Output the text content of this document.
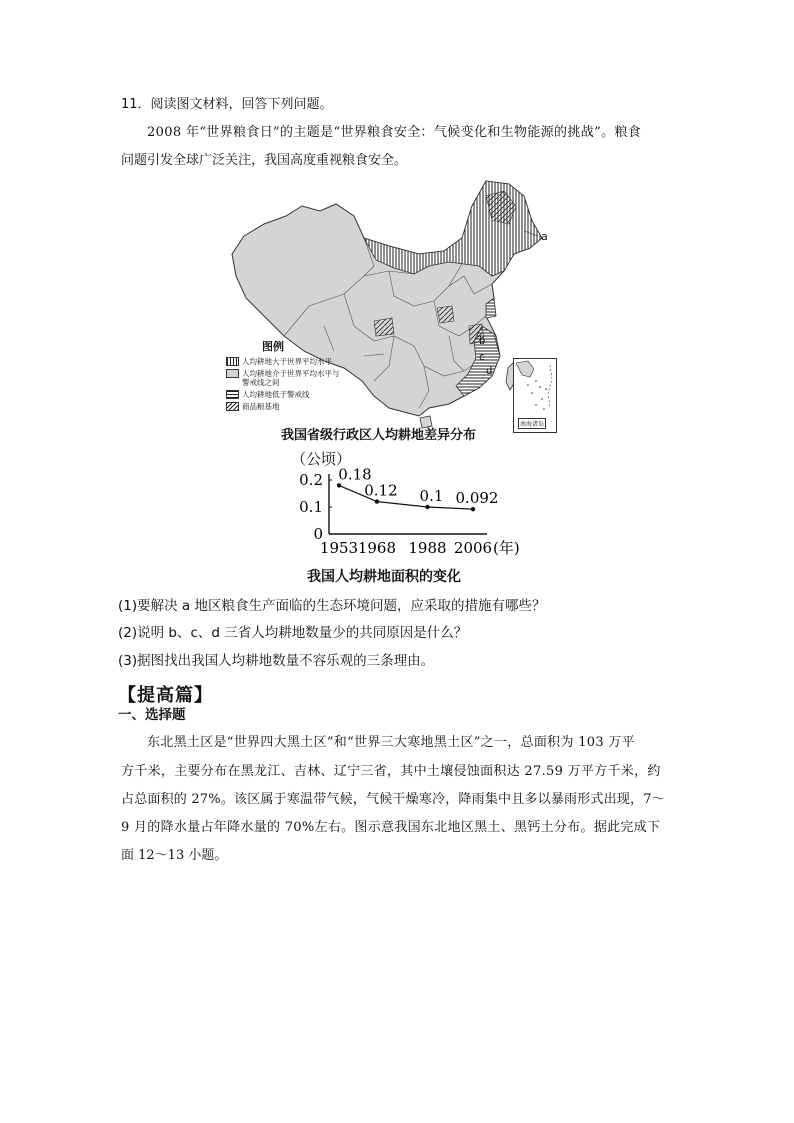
11．阅读图文材料，回答下列问题。
2008 年“世界粮食日”的主题是“世界粮食安全：气候变化和生物能源的挑战”。粮食
问题引发全球广泛关注，我国高度重视粮食安全。
a
b
c
d
图例
人均耕地大于世界平均水平
人均耕地介于世界平均水平与警戒线之间
人均耕地低于警戒线
商品粮基地
南海诸岛
我国省级行政区人均耕地差异分布
0.2
0.1
0
1953 1968 1988 2006 (年)
0.18
0.12 0.1 0.092
（公顷）
我国人均耕地面积的变化
(1)要解决 a 地区粮食生产面临的生态环境问题，应采取的措施有哪些？
(2)说明 b、c、d 三省人均耕地数量少的共同原因是什么？
(3)据图找出我国人均耕地数量不容乐观的三条理由。
【提高篇】
一、选择题
东北黑土区是“世界四大黑土区”和“世界三大寒地黑土区”之一，总面积为 103 万平
方千米，主要分布在黑龙江、吉林、辽宁三省，其中土壤侵蚀面积达 27.59 万平方千米，约
占总面积的 27%。该区属于寒温带气候，气候干燥寒冷，降雨集中且多以暴雨形式出现，7～
9 月的降水量占年降水量的 70%左右。图示意我国东北地区黑土、黑钙土分布。据此完成下
面 12～13 小题。
